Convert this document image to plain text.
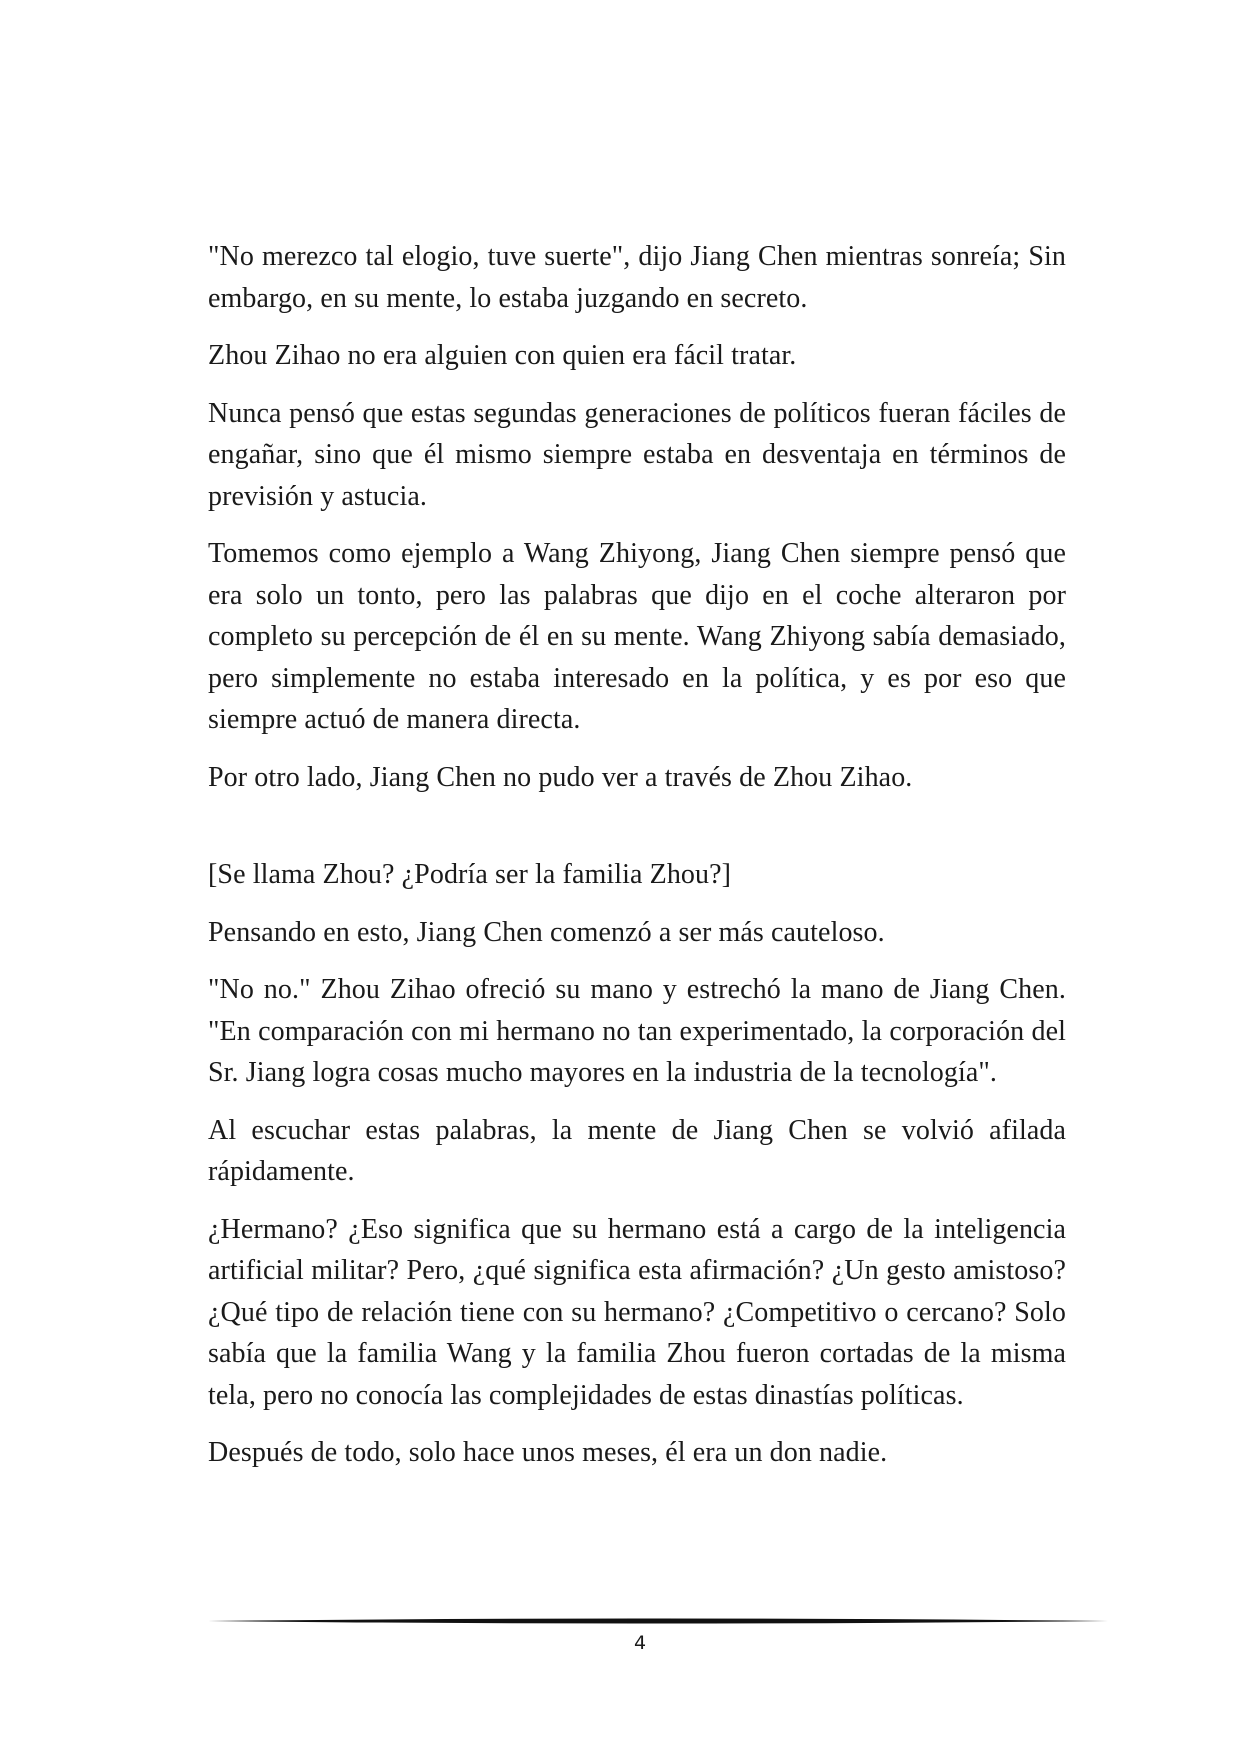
"No merezco tal elogio, tuve suerte", dijo Jiang Chen mientras sonreía; Sin embargo, en su mente, lo estaba juzgando en secreto.

Zhou Zihao no era alguien con quien era fácil tratar.

Nunca pensó que estas segundas generaciones de políticos fueran fáciles de engañar, sino que él mismo siempre estaba en desventaja en términos de previsión y astucia.

Tomemos como ejemplo a Wang Zhiyong, Jiang Chen siempre pensó que era solo un tonto, pero las palabras que dijo en el coche alteraron por completo su percepción de él en su mente. Wang Zhiyong sabía demasiado, pero simplemente no estaba interesado en la política, y es por eso que siempre actuó de manera directa.

Por otro lado, Jiang Chen no pudo ver a través de Zhou Zihao.

[Se llama Zhou? ¿Podría ser la familia Zhou?]

Pensando en esto, Jiang Chen comenzó a ser más cauteloso.

"No no." Zhou Zihao ofreció su mano y estrechó la mano de Jiang Chen. "En comparación con mi hermano no tan experimentado, la corporación del Sr. Jiang logra cosas mucho mayores en la industria de la tecnología".

Al escuchar estas palabras, la mente de Jiang Chen se volvió afilada rápidamente.

¿Hermano? ¿Eso significa que su hermano está a cargo de la inteligencia artificial militar? Pero, ¿qué significa esta afirmación? ¿Un gesto amistoso? ¿Qué tipo de relación tiene con su hermano? ¿Competitivo o cercano? Solo sabía que la familia Wang y la familia Zhou fueron cortadas de la misma tela, pero no conocía las complejidades de estas dinastías políticas.

Después de todo, solo hace unos meses, él era un don nadie.

4
